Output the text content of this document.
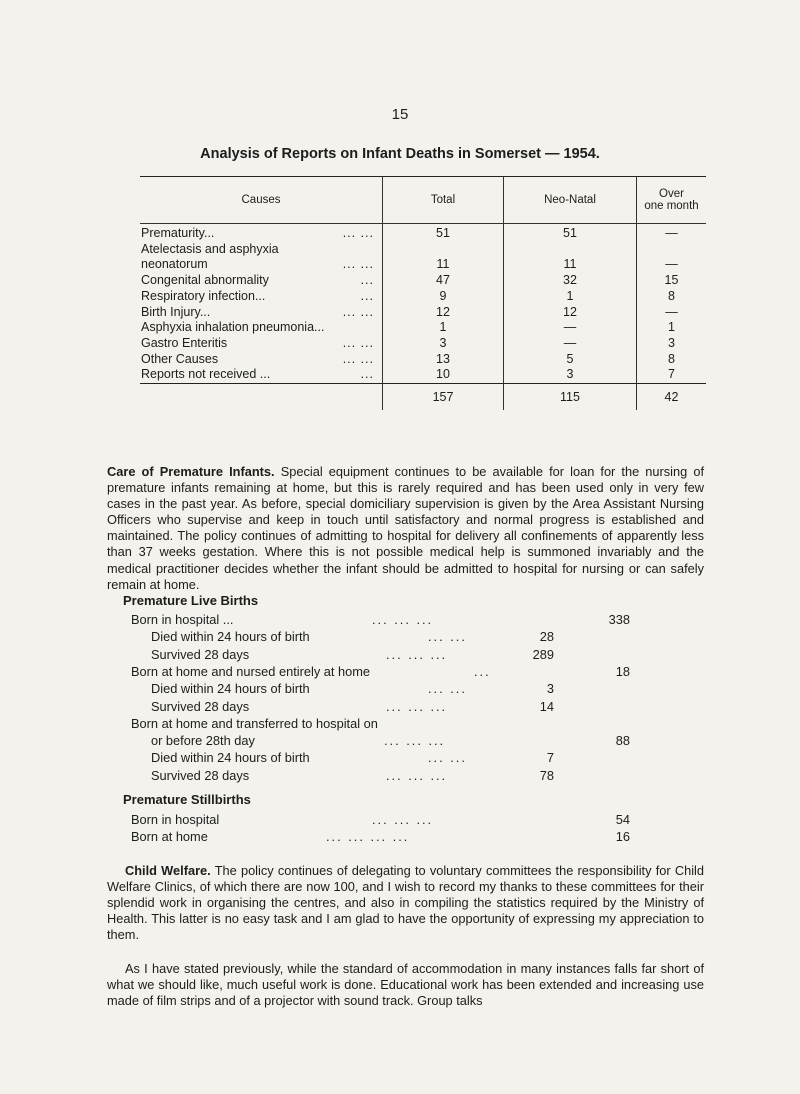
15
Analysis of Reports on Infant Deaths in Somerset — 1954.
Causes	Total	Neo-Natal	Over
one month
Prematurity... ... ...	51	51	—
Atelectasis and asphyxia

neonatorum ... ...	11	11	—
Congenital abnormality ...	47	32	15
Respiratory infection... ...	9	1	8
Birth Injury... ... ...	12	12	—
Asphyxia inhalation pneumonia...	1	—	1
Gastro Enteritis ... ...	3	—	3
Other Causes ... ...	13	5	8
Reports not received ... ...	10	3	7
	157	115	42
Care of Premature Infants. Special equipment continues to be available for loan for the nursing of premature infants remaining at home, but this is rarely required and has been used only in very few cases in the past year. As before, special domiciliary supervision is given by the Area Assistant Nursing Officers who supervise and keep in touch until satisfactory and normal progress is established and maintained. The policy continues of admitting to hospital for delivery all confinements of apparently less than 37 weeks gestation. Where this is not possible medical help is summoned invariably and the medical practitioner decides whether the infant should be admitted to hospital for nursing or can safely remain at home.
Premature Live Births
Born in hospital ...	... ... ...	338
Died within 24 hours of birth	... ...	28
Survived 28 days	... ... ...	289
Born at home and nursed entirely at home	...	18
Died within 24 hours of birth	... ...	3
Survived 28 days	... ... ...	14
Born at home and transferred to hospital on
or before 28th day	... ... ...	88
Died within 24 hours of birth	... ...	7
Survived 28 days	... ... ...	78
Premature Stillbirths
Born in hospital	... ... ...	54
Born at home	... ... ... ...	16
Child Welfare. The policy continues of delegating to voluntary committees the responsibility for Child Welfare Clinics, of which there are now 100, and I wish to record my thanks to these committees for their splendid work in organising the centres, and also in compiling the statistics required by the Ministry of Health. This latter is no easy task and I am glad to have the opportunity of expressing my appreciation to them.
As I have stated previously, while the standard of accommodation in many instances falls far short of what we should like, much useful work is done. Educational work has been extended and increasing use made of film strips and of a projector with sound track. Group talks
